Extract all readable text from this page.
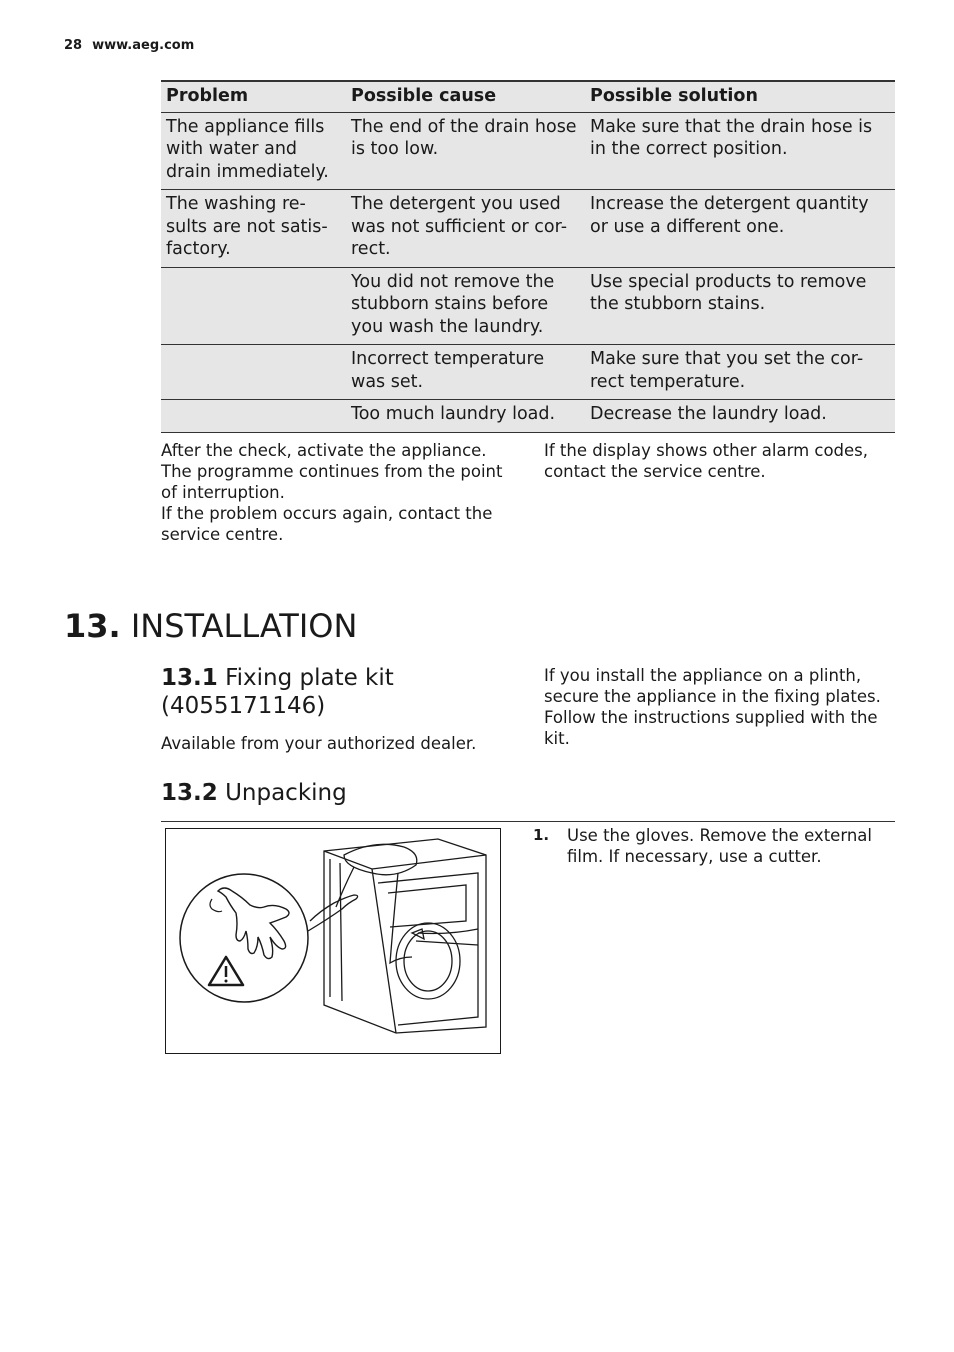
28 www.aeg.com
Problem	Possible cause	Possible solution
The appliance fills with water and drain immediately.	The end of the drain hose is too low.	Make sure that the drain hose is in the correct position.
The washing re-sults are not satis-factory.	The detergent you used was not sufficient or cor-rect.	Increase the detergent quantity or use a different one.
	You did not remove the stubborn stains before you wash the laundry.	Use special products to remove the stubborn stains.
	Incorrect temperature was set.	Make sure that you set the cor-rect temperature.
	Too much laundry load.	Decrease the laundry load.
After the check, activate the appliance.
The programme continues from the point of interruption.
If the problem occurs again, contact the service centre.
If the display shows other alarm codes, contact the service centre.
13. INSTALLATION
13.1 Fixing plate kit (4055171146)
Available from your authorized dealer.
If you install the appliance on a plinth, secure the appliance in the fixing plates. Follow the instructions supplied with the kit.
13.2 Unpacking
1. Use the gloves. Remove the external film. If necessary, use a cutter.
